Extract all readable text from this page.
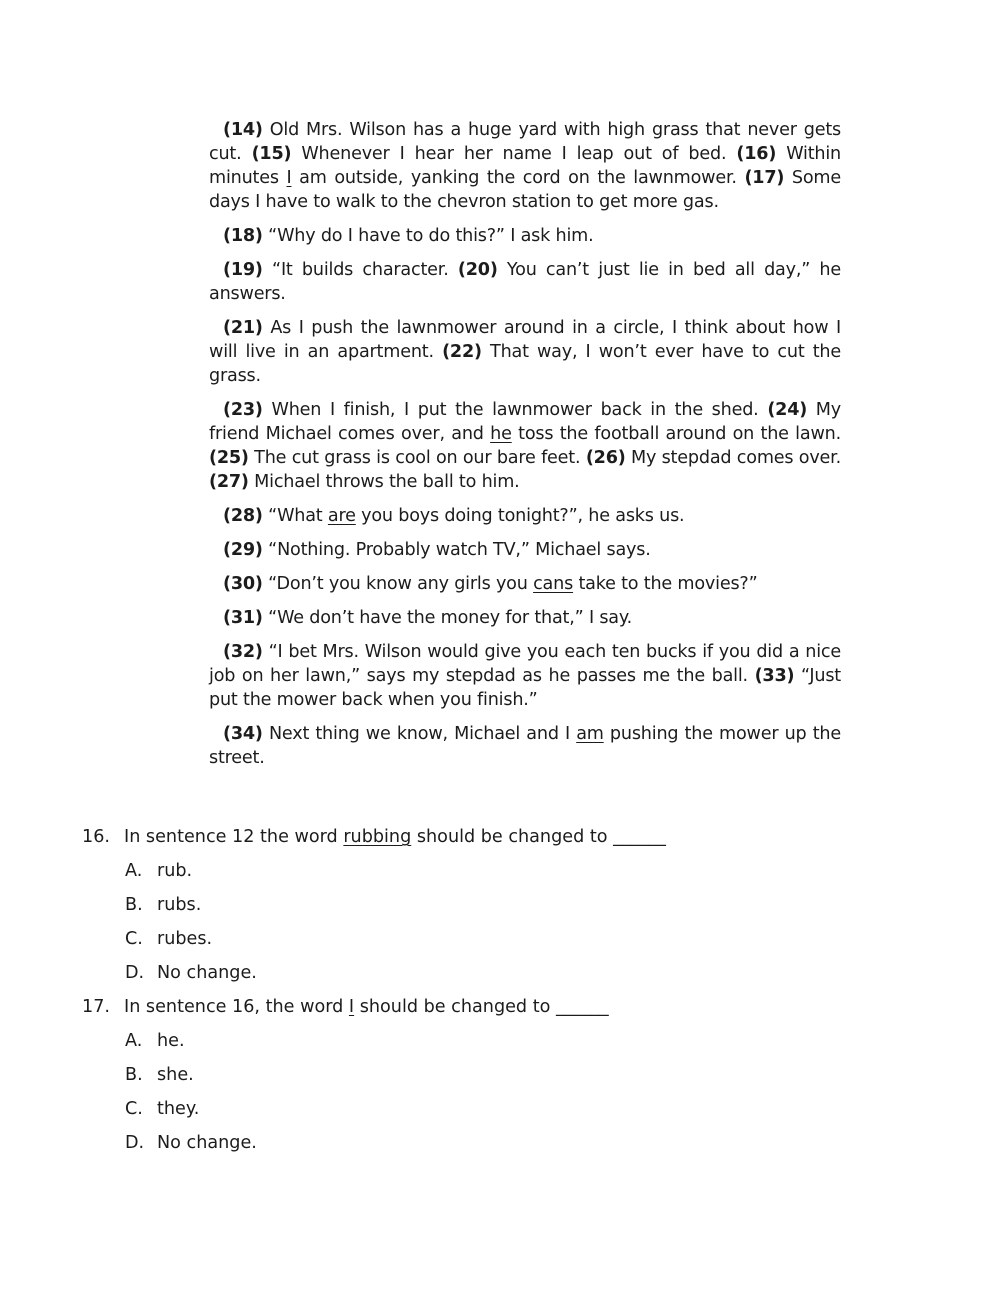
(14) Old Mrs. Wilson has a huge yard with high grass that never gets cut. (15) Whenever I hear her name I leap out of bed. (16) Within minutes I am outside, yanking the cord on the lawnmower. (17) Some days I have to walk to the chevron station to get more gas.

(18) “Why do I have to do this?” I ask him.

(19) “It builds character. (20) You can’t just lie in bed all day,” he answers.

(21) As I push the lawnmower around in a circle, I think about how I will live in an apartment. (22) That way, I won’t ever have to cut the grass.

(23) When I finish, I put the lawnmower back in the shed. (24) My friend Michael comes over, and he toss the football around on the lawn. (25) The cut grass is cool on our bare feet. (26) My stepdad comes over. (27) Michael throws the ball to him.

(28) “What are you boys doing tonight?”, he asks us.

(29) “Nothing. Probably watch TV,” Michael says.

(30) “Don’t you know any girls you cans take to the movies?”

(31) “We don’t have the money for that,” I say.

(32) “I bet Mrs. Wilson would give you each ten bucks if you did a nice job on her lawn,” says my stepdad as he passes me the ball. (33) “Just put the mower back when you finish.”

(34) Next thing we know, Michael and I am pushing the mower up the street.

16. In sentence 12 the word rubbing should be changed to ______
A. rub.
B. rubs.
C. rubes.
D. No change.
17. In sentence 16, the word I should be changed to ______
A. he.
B. she.
C. they.
D. No change.
